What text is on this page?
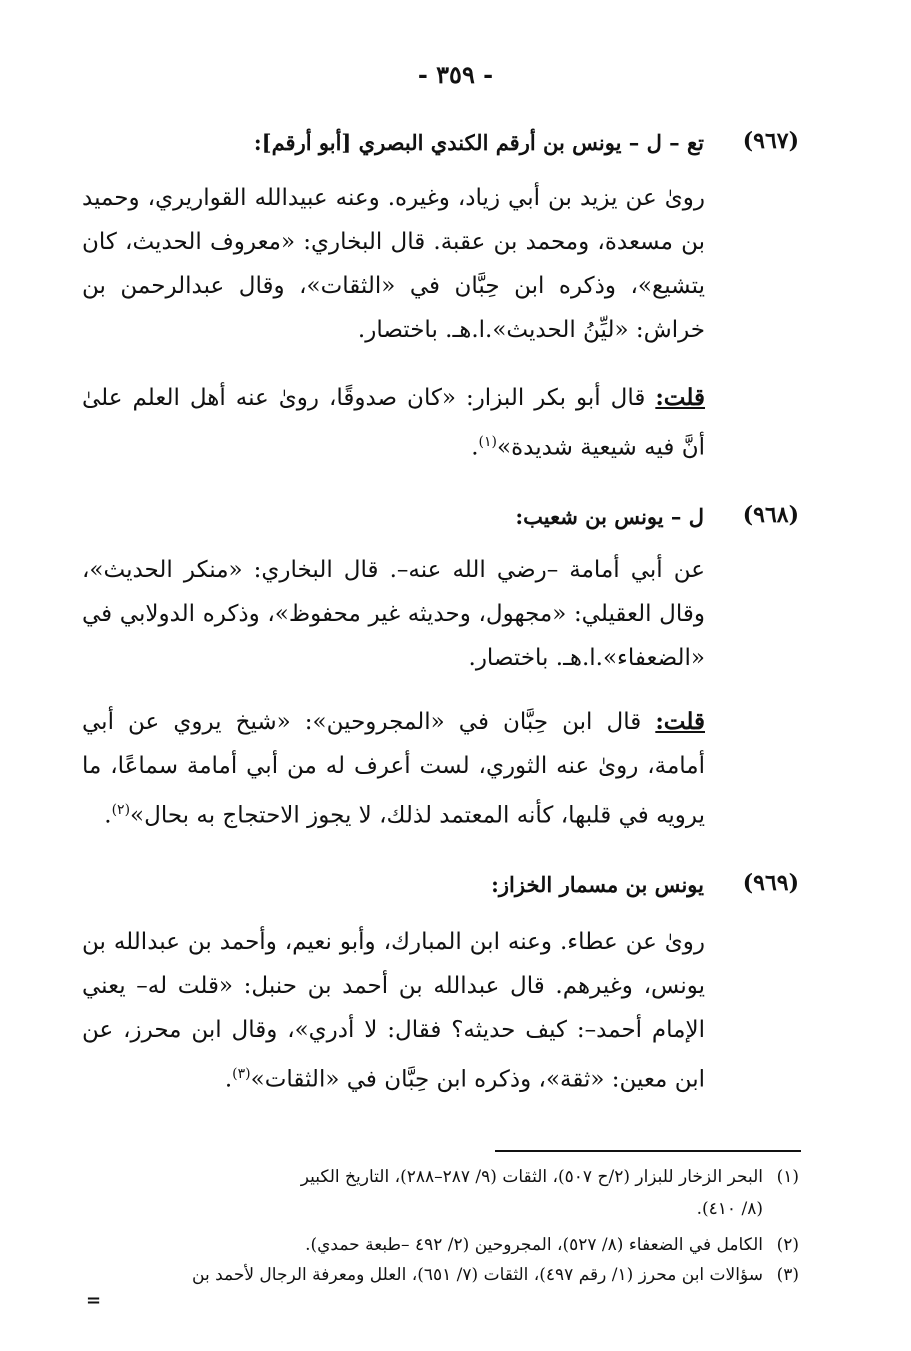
- ٣٥٩ -
(٩٦٧)
تع – ل – يونس بن أرقم الكندي البصري [أبو أرقم]:
روىٰ عن يزيد بن أبي زياد، وغيره. وعنه عبيدالله القواريري، وحميد بن مسعدة، ومحمد بن عقبة. قال البخاري: «معروف الحديث، كان يتشيع»، وذكره ابن حِبَّان في «الثقات»، وقال عبدالرحمن بن خراش: «ليِّنُ الحديث».ا.هـ. باختصار.
قلت: قال أبو بكر البزار: «كان صدوقًا، روىٰ عنه أهل العلم علىٰ أنَّ فيه شيعية شديدة»$^{(١)}$.
(٩٦٨)
ل – يونس بن شعيب:
عن أبي أمامة –رضي الله عنه–. قال البخاري: «منكر الحديث»، وقال العقيلي: «مجهول، وحديثه غير محفوظ»، وذكره الدولابي في «الضعفاء».ا.هـ. باختصار.
قلت: قال ابن حِبَّان في «المجروحين»: «شيخ يروي عن أبي أمامة، روىٰ عنه الثوري، لست أعرف له من أبي أمامة سماعًا، ما يرويه في قلبها، كأنه المعتمد لذلك، لا يجوز الاحتجاج به بحال»$^{(٢)}$.
(٩٦٩)
يونس بن مسمار الخزاز:
روىٰ عن عطاء. وعنه ابن المبارك، وأبو نعيم، وأحمد بن عبدالله بن يونس، وغيرهم. قال عبدالله بن أحمد بن حنبل: «قلت له– يعني الإمام أحمد–: كيف حديثه؟ فقال: لا أدري»، وقال ابن محرز، عن ابن معين: «ثقة»، وذكره ابن حِبَّان في «الثقات»$^{(٣)}$.
(١)البحر الزخار للبزار (٢/ح ٥٠٧)، الثقات (٩/ ٢٨٧–٢٨٨)، التاريخ الكبير
(٨/ ٤١٠).
(٢)الكامل في الضعفاء (٨/ ٥٢٧)، المجروحين (٢/ ٤٩٢ –طبعة حمدي).
(٣)سؤالات ابن محرز (١/ رقم ٤٩٧)، الثقات (٧/ ٦٥١)، العلل ومعرفة الرجال لأحمد بن
=
